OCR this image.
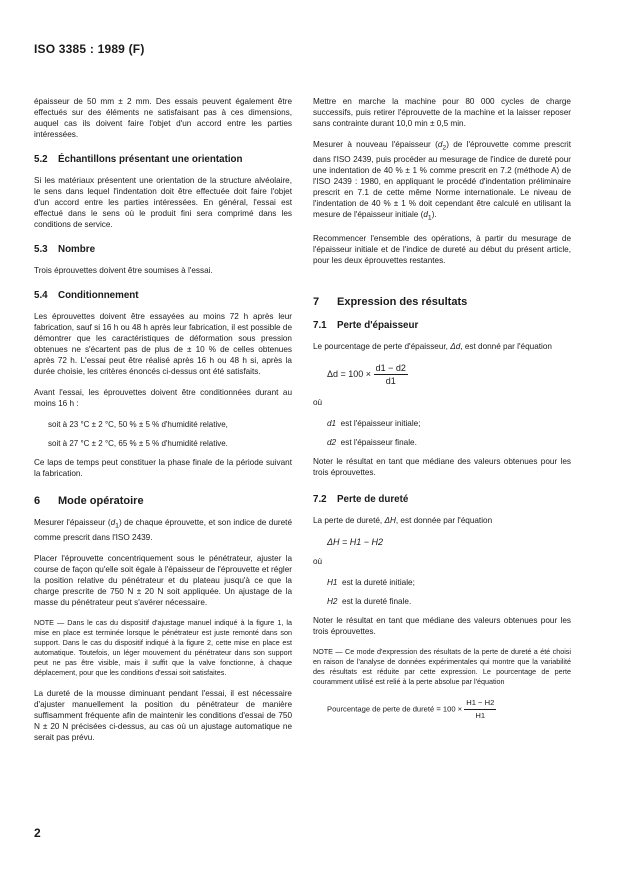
ISO 3385 : 1989 (F)

épaisseur de 50 mm ± 2 mm. Des essais peuvent également être effectués sur des éléments ne satisfaisant pas à ces dimensions, auquel cas ils doivent faire l'objet d'un accord entre les parties intéressées.

5.2 Échantillons présentant une orientation

Si les matériaux présentent une orientation de la structure alvéolaire, le sens dans lequel l'indentation doit être effectuée doit faire l'objet d'un accord entre les parties intéressées. En général, l'essai est effectué dans le sens où le produit fini sera comprimé dans les conditions de service.

5.3 Nombre

Trois éprouvettes doivent être soumises à l'essai.

5.4 Conditionnement

Les éprouvettes doivent être essayées au moins 72 h après leur fabrication, sauf si 16 h ou 48 h après leur fabrication, il est possible de démontrer que les caractéristiques de déformation sous pression obtenues ne s'écartent pas de plus de ± 10 % de celles obtenues après 72 h. L'essai peut être réalisé après 16 h ou 48 h si, après la durée choisie, les critères énoncés ci-dessus ont été satisfaits.

Avant l'essai, les éprouvettes doivent être conditionnées durant au moins 16 h :

soit à 23 °C ± 2 °C, 50 % ± 5 % d'humidité relative,
soit à 27 °C ± 2 °C, 65 % ± 5 % d'humidité relative.

Ce laps de temps peut constituer la phase finale de la période suivant la fabrication.

6 Mode opératoire

Mesurer l'épaisseur $(d_1)$ de chaque éprouvette, et son indice de dureté comme prescrit dans l'ISO 2439.

Placer l'éprouvette concentriquement sous le pénétrateur, ajuster la course de façon qu'elle soit égale à l'épaisseur de l'éprouvette et régler la position relative du pénétrateur et du plateau jusqu'à ce que la charge prescrite de 750 N ± 20 N soit appliquée. Un ajustage de la masse du pénétrateur peut s'avérer nécessaire.

NOTE — Dans le cas du dispositif d'ajustage manuel indiqué à la figure 1, la mise en place est terminée lorsque le pénétrateur est juste remonté dans son support. Dans le cas du dispositif indiqué à la figure 2, cette mise en place est automatique. Toutefois, un léger mouvement du pénétrateur dans son support peut ne pas être visible, mais il suffit que la valve fonctionne, à chaque déplacement, pour que les conditions d'essai soit satisfaites.

La dureté de la mousse diminuant pendant l'essai, il est nécessaire d'ajuster manuellement la position du pénétrateur de manière suffisamment fréquente afin de maintenir les conditions d'essai de 750 N ± 20 N précisées ci-dessus, au cas où un ajustage automatique ne serait pas prévu.

Mettre en marche la machine pour 80 000 cycles de charge successifs, puis retirer l'éprouvette de la machine et la laisser reposer sans contrainte durant 10,0 min ± 0,5 min.

Mesurer à nouveau l'épaisseur $(d_2)$ de l'éprouvette comme prescrit dans l'ISO 2439, puis procéder au mesurage de l'indice de dureté pour une indentation de 40 % ± 1 % comme prescrit en 7.2 (méthode A) de l'ISO 2439 : 1980, en appliquant le procédé d'indentation préliminaire prescrit en 7.1 de cette même Norme internationale. Le niveau de l'indentation de 40 % ± 1 % doit cependant être calculé en utilisant la mesure de l'épaisseur initiale $(d_1)$.

Recommencer l'ensemble des opérations, à partir du mesurage de l'épaisseur initiale et de l'indice de dureté au début du présent article, pour les deux éprouvettes restantes.

7 Expression des résultats
7.1 Perte d'épaisseur

Le pourcentage de perte d'épaisseur, Δd, est donné par l'équation

$\Delta d = 100 \times \frac{d1 - d2}{d1}$

où

d1 est l'épaisseur initiale;
d2 est l'épaisseur finale.

Noter le résultat en tant que médiane des valeurs obtenues pour les trois éprouvettes.

7.2 Perte de dureté

La perte de dureté, ΔH, est donnée par l'équation

ΔH = H1 − H2

où

H1 est la dureté initiale;
H2 est la dureté finale.

Noter le résultat en tant que médiane des valeurs obtenues pour les trois éprouvettes.

NOTE — Ce mode d'expression des résultats de la perte de dureté a été choisi en raison de l'analyse de données expérimentales qui montre que la variabilité des résultats est réduite par cette expression. Le pourcentage de perte couramment utilisé est relié à la perte absolue par l'équation
Pourcentage de perte de dureté = $100 \times \frac{H1 - H2}{H1}$
2
